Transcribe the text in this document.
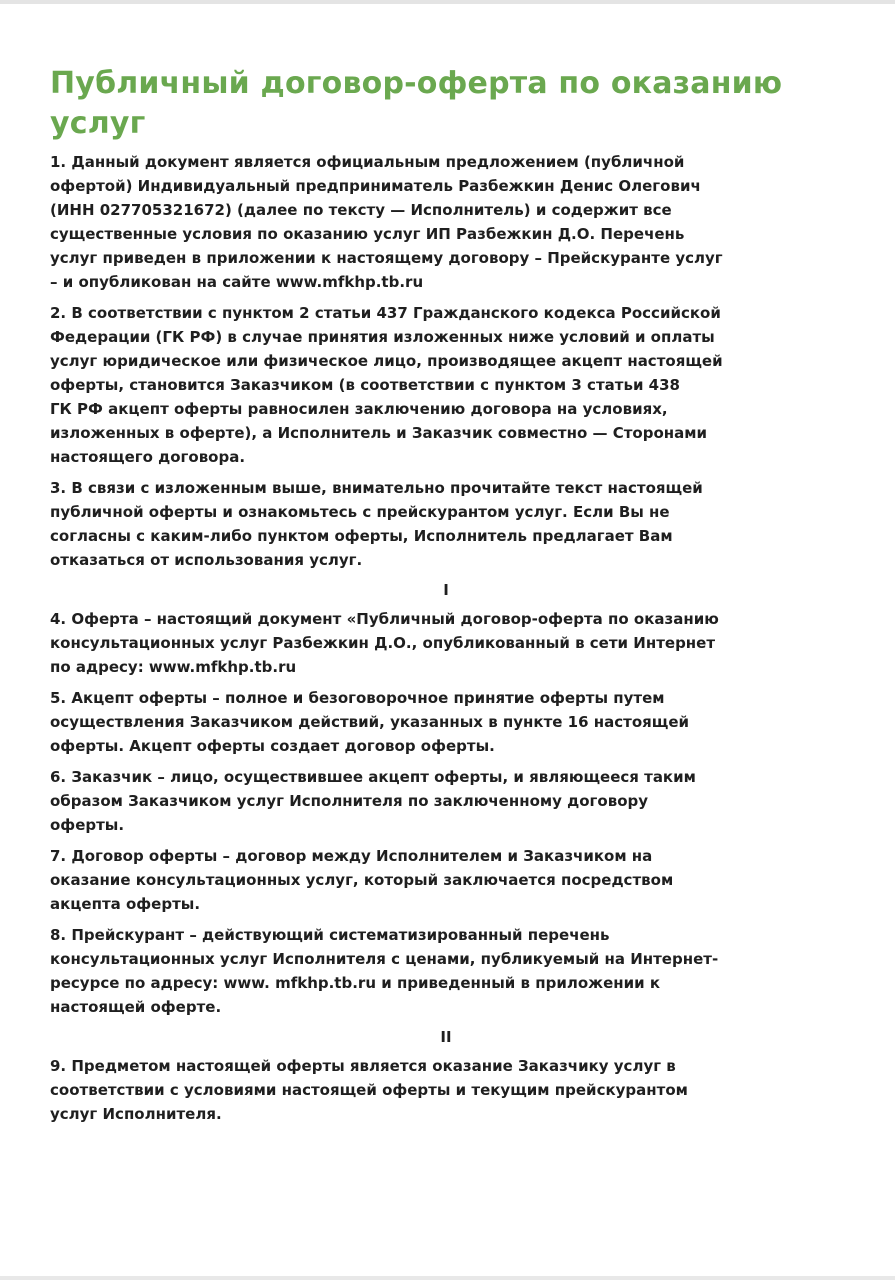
Публичный договор-оферта по оказанию услуг

1. Данный документ является официальным предложением (публичной
офертой) Индивидуальный предприниматель Разбежкин Денис Олегович
(ИНН 027705321672) (далее по тексту — Исполнитель) и содержит все
существенные условия по оказанию услуг ИП Разбежкин Д.О. Перечень
услуг приведен в приложении к настоящему договору – Прейскуранте услуг
– и опубликован на сайте www.mfkhp.tb.ru

2. В соответствии с пунктом 2 статьи 437 Гражданского кодекса Российской
Федерации (ГК РФ) в случае принятия изложенных ниже условий и оплаты
услуг юридическое или физическое лицо, производящее акцепт настоящей
оферты, становится Заказчиком (в соответствии с пунктом 3 статьи 438
ГК РФ акцепт оферты равносилен заключению договора на условиях,
изложенных в оферте), а Исполнитель и Заказчик совместно — Сторонами
настоящего договора.

3. В связи с изложенным выше, внимательно прочитайте текст настоящей
публичной оферты и ознакомьтесь с прейскурантом услуг. Если Вы не
согласны с каким-либо пунктом оферты, Исполнитель предлагает Вам
отказаться от использования услуг.

I

4. Оферта – настоящий документ «Публичный договор-оферта по оказанию
консультационных услуг Разбежкин Д.О., опубликованный в сети Интернет
по адресу: www.mfkhp.tb.ru

5. Акцепт оферты – полное и безоговорочное принятие оферты путем
осуществления Заказчиком действий, указанных в пункте 16 настоящей
оферты. Акцепт оферты создает договор оферты.

6. Заказчик – лицо, осуществившее акцепт оферты, и являющееся таким
образом Заказчиком услуг Исполнителя по заключенному договору
оферты.

7. Договор оферты – договор между Исполнителем и Заказчиком на
оказание консультационных услуг, который заключается посредством
акцепта оферты.

8. Прейскурант – действующий систематизированный перечень
консультационных услуг Исполнителя с ценами, публикуемый на Интернет-
ресурсе по адресу: www. mfkhp.tb.ru и приведенный в приложении к
настоящей оферте.

II

9. Предметом настоящей оферты является оказание Заказчику услуг в
соответствии с условиями настоящей оферты и текущим прейскурантом
услуг Исполнителя.
